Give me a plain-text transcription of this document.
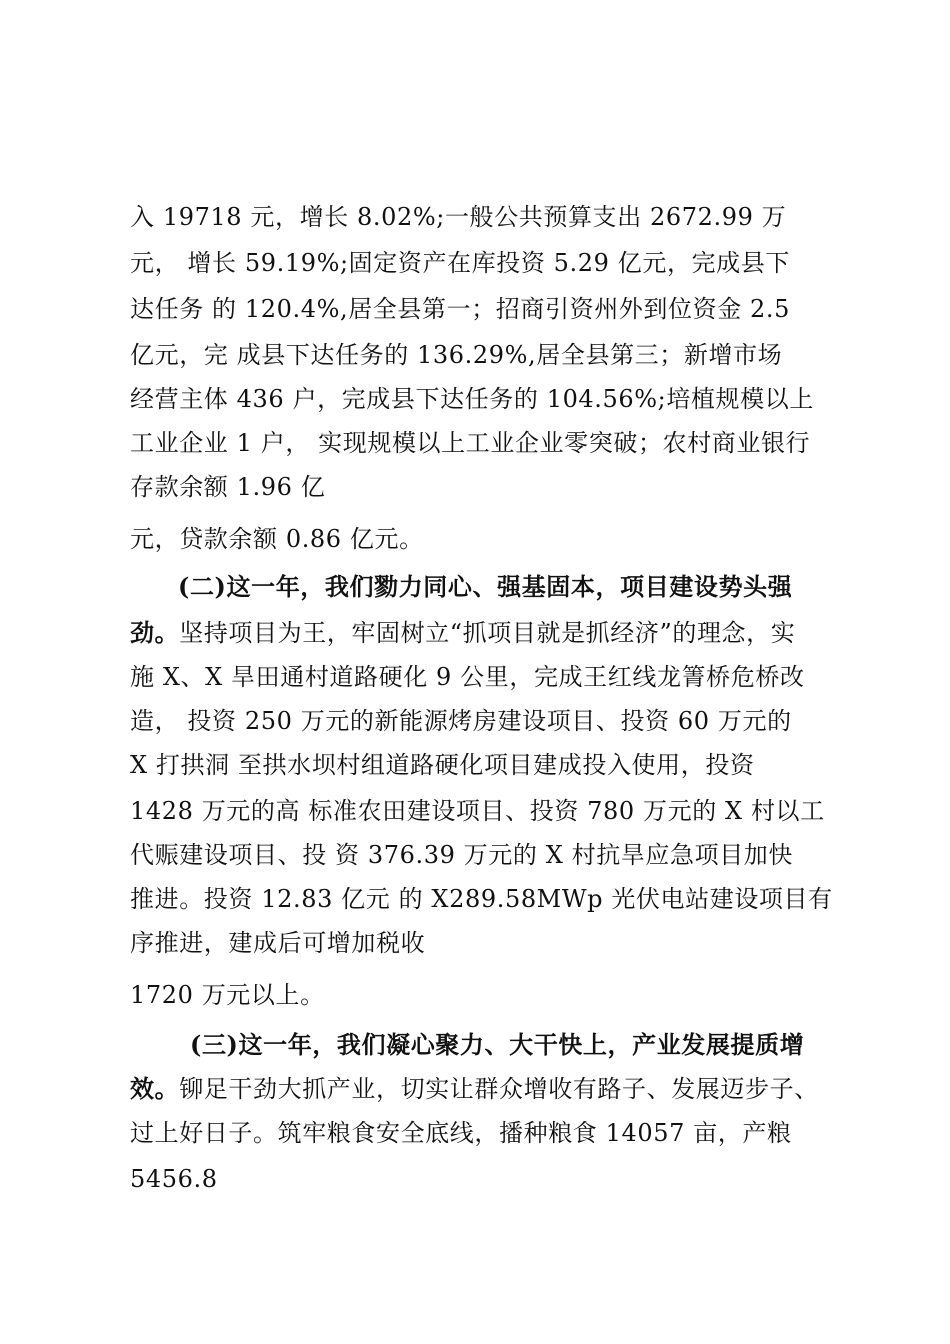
入 19718 元，增长 8.02%;一般公共预算支出 2672.99 万
元， 增长 59.19%;固定资产在库投资 5.29 亿元，完成县下
达任务 的 120.4%,居全县第一；招商引资州外到位资金 2.5
亿元，完 成县下达任务的 136.29%,居全县第三；新增市场
经营主体 436 户，完成县下达任务的 104.56%;培植规模以上
工业企业 1 户， 实现规模以上工业企业零突破；农村商业银行
存款余额 1.96 亿
元，贷款余额 0.86 亿元。
(二)这一年，我们勠力同心、强基固本，项目建设势头强
劲。坚持项目为王，牢固树立“抓项目就是抓经济”的理念，实
施 X、X 旱田通村道路硬化 9 公里，完成王红线龙箐桥危桥改
造， 投资 250 万元的新能源烤房建设项目、投资 60 万元的
X 打拱洞 至拱水坝村组道路硬化项目建成投入使用，投资
1428 万元的高 标准农田建设项目、投资 780 万元的 X 村以工
代赈建设项目、投 资 376.39 万元的 X 村抗旱应急项目加快
推进。投资 12.83 亿元 的 X289.58MWp 光伏电站建设项目有
序推进，建成后可增加税收
1720 万元以上。
(三)这一年，我们凝心聚力、大干快上，产业发展提质增
效。铆足干劲大抓产业，切实让群众增收有路子、发展迈步子、
过上好日子。筑牢粮食安全底线，播种粮食 14057 亩，产粮
5456.8
